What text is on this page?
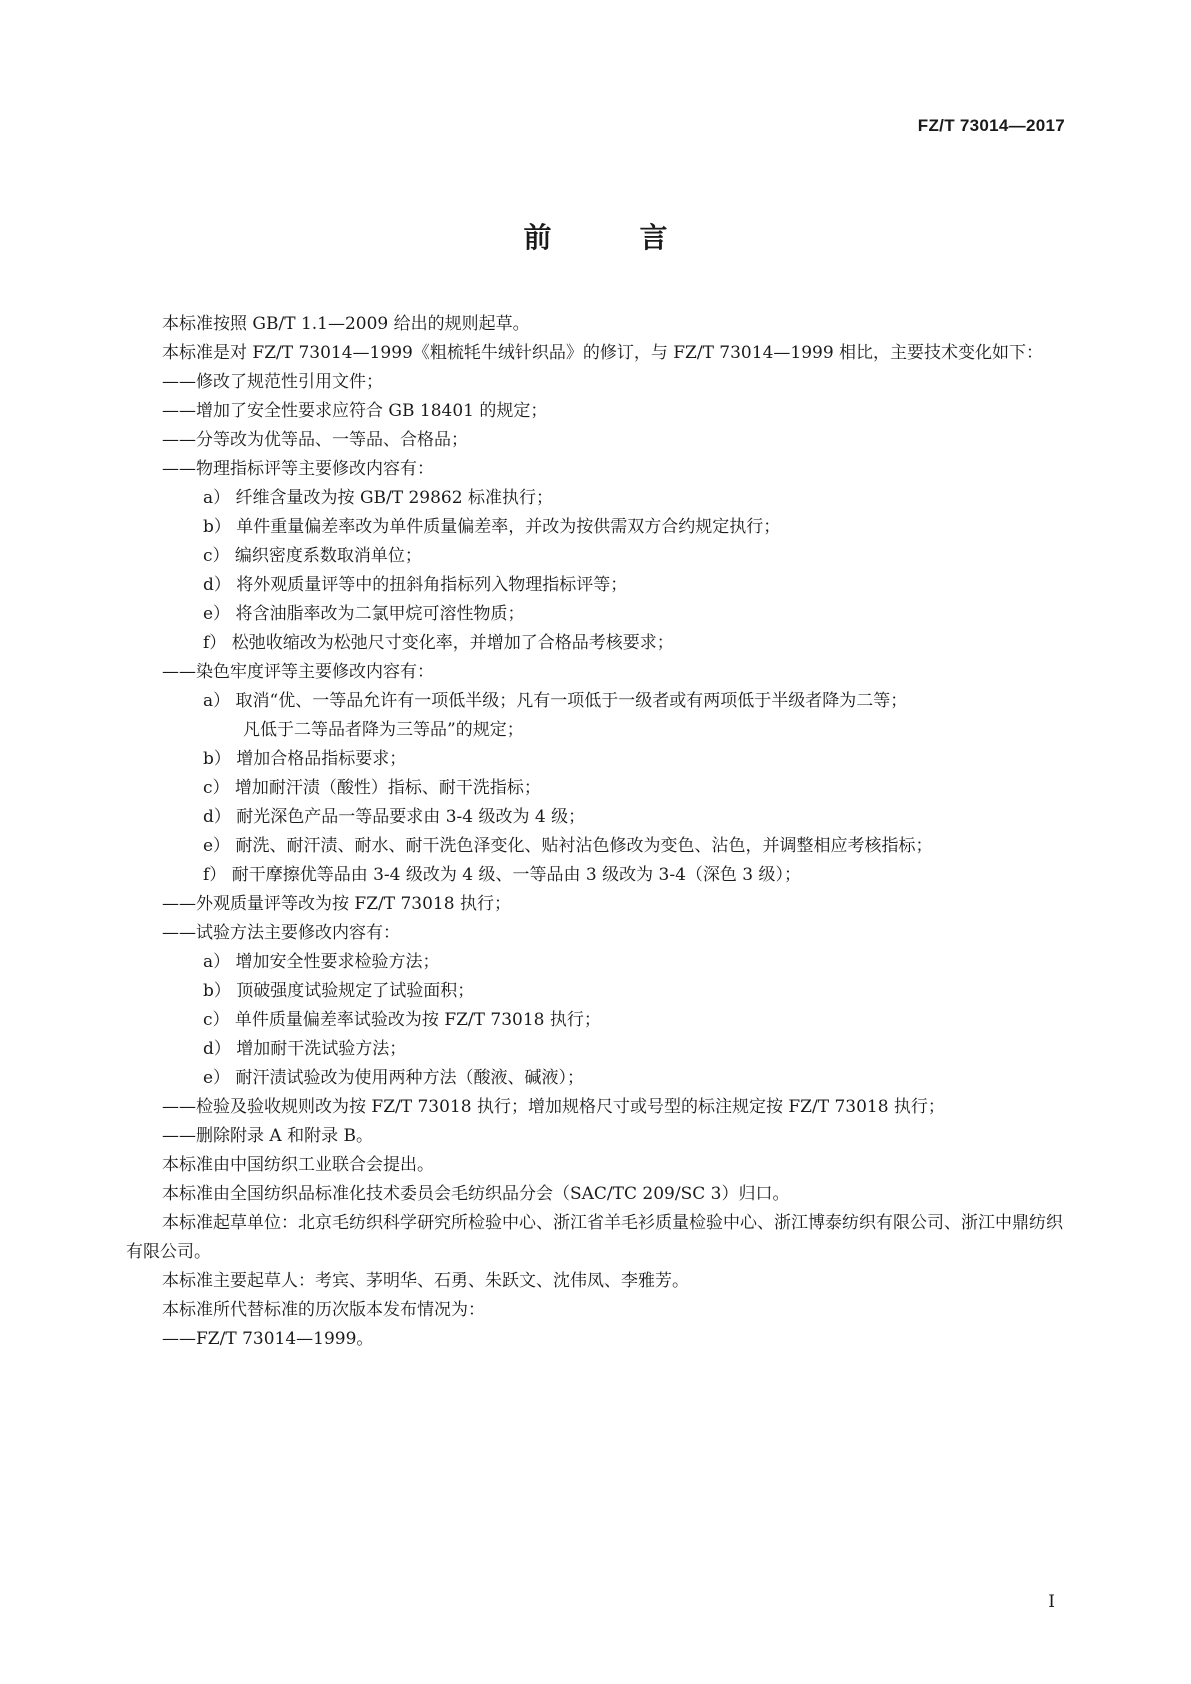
FZ/T 73014—2017
前　言

本标准按照 GB/T 1.1—2009 给出的规则起草。

本标准是对 FZ/T 73014—1999《粗梳牦牛绒针织品》的修订，与 FZ/T 73014—1999 相比，主要技术变化如下：

——修改了规范性引用文件；

——增加了安全性要求应符合 GB 18401 的规定；

——分等改为优等品、一等品、合格品；

——物理指标评等主要修改内容有：

a） 纤维含量改为按 GB/T 29862 标准执行；

b） 单件重量偏差率改为单件质量偏差率，并改为按供需双方合约规定执行；

c） 编织密度系数取消单位；

d） 将外观质量评等中的扭斜角指标列入物理指标评等；

e） 将含油脂率改为二氯甲烷可溶性物质；

f） 松弛收缩改为松弛尺寸变化率，并增加了合格品考核要求；

——染色牢度评等主要修改内容有：

a） 取消“优、一等品允许有一项低半级；凡有一项低于一级者或有两项低于半级者降为二等；

凡低于二等品者降为三等品”的规定；

b） 增加合格品指标要求；

c） 增加耐汗渍（酸性）指标、耐干洗指标；

d） 耐光深色产品一等品要求由 3-4 级改为 4 级；

e） 耐洗、耐汗渍、耐水、耐干洗色泽变化、贴衬沾色修改为变色、沾色，并调整相应考核指标；

f） 耐干摩擦优等品由 3-4 级改为 4 级、一等品由 3 级改为 3-4（深色 3 级）；

——外观质量评等改为按 FZ/T 73018 执行；

——试验方法主要修改内容有：

a） 增加安全性要求检验方法；

b） 顶破强度试验规定了试验面积；

c） 单件质量偏差率试验改为按 FZ/T 73018 执行；

d） 增加耐干洗试验方法；

e） 耐汗渍试验改为使用两种方法（酸液、碱液）；

——检验及验收规则改为按 FZ/T 73018 执行；增加规格尺寸或号型的标注规定按 FZ/T 73018 执行；

——删除附录 A 和附录 B。

本标准由中国纺织工业联合会提出。

本标准由全国纺织品标准化技术委员会毛纺织品分会（SAC/TC 209/SC 3）归口。

本标准起草单位：北京毛纺织科学研究所检验中心、浙江省羊毛衫质量检验中心、浙江博泰纺织有限公司、浙江中鼎纺织有限公司。

本标准主要起草人：考宾、茅明华、石勇、朱跃文、沈伟凤、李雅芳。

本标准所代替标准的历次版本发布情况为：

——FZ/T 73014—1999。

I
